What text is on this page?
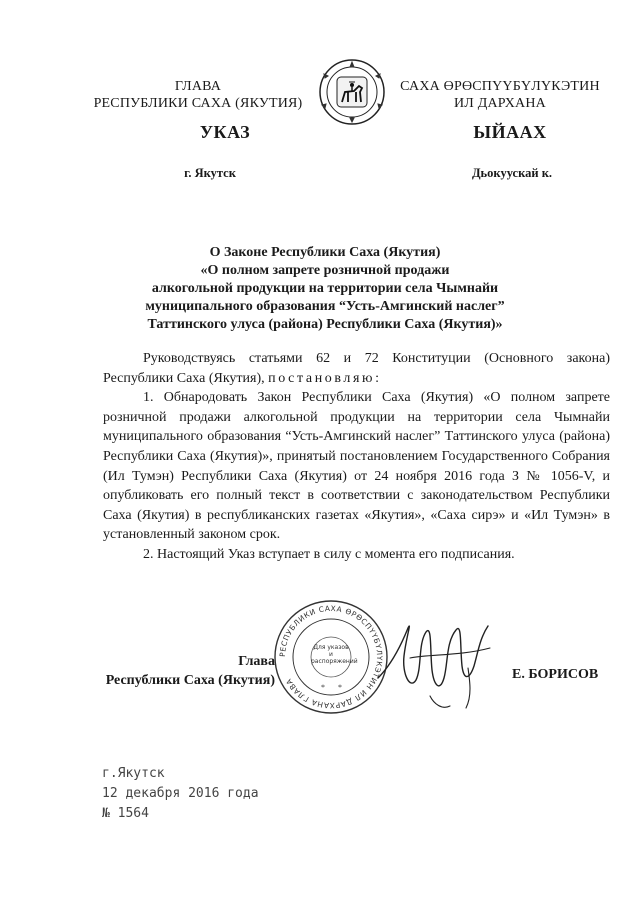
ГЛАВА
РЕСПУБЛИКИ САХА (ЯКУТИЯ)
САХА ӨРӨСПҮҮБҮЛҮКЭТИН
ИЛ ДАРХАНА
УКАЗ	ЫЙААХ
г. Якутск	Дьокуускай к.
О Законе Республики Саха (Якутия)
«О полном запрете розничной продажи
алкогольной продукции на территории села Чымнайи
муниципального образования “Усть-Амгинский наслег”
Таттинского улуса (района) Республики Саха (Якутия)»

Руководствуясь статьями 62 и 72 Конституции (Основного закона) Республики Саха (Якутия), постановляю:

1. Обнародовать Закон Республики Саха (Якутия) «О полном запрете розничной продажи алкогольной продукции на территории села Чымнайи муниципального образования “Усть-Амгинский наслег” Таттинского улуса (района) Республики Саха (Якутия)», принятый постановлением Государственного Собрания (Ил Тумэн) Республики Саха (Якутия) от 24 ноября 2016 года З № 1056-V, и опубликовать его полный текст в соответствии с законодательством Республики Саха (Якутия) в республиканских газетах «Якутия», «Саха сирэ» и «Ил Тумэн» в установленный законом срок.

2. Настоящий Указ вступает в силу с момента его подписания.

РЕСПУБЛИКИ САХА ӨРӨСПҮҮБҮЛҮКЭТИН ИЛ ДАРХАНА ГЛАВА
Для указов и распоряжений
* *
Глава
Республики Саха (Якутия)	Е. БОРИСОВ
г.Якутск
12 декабря 2016 года
№ 1564
